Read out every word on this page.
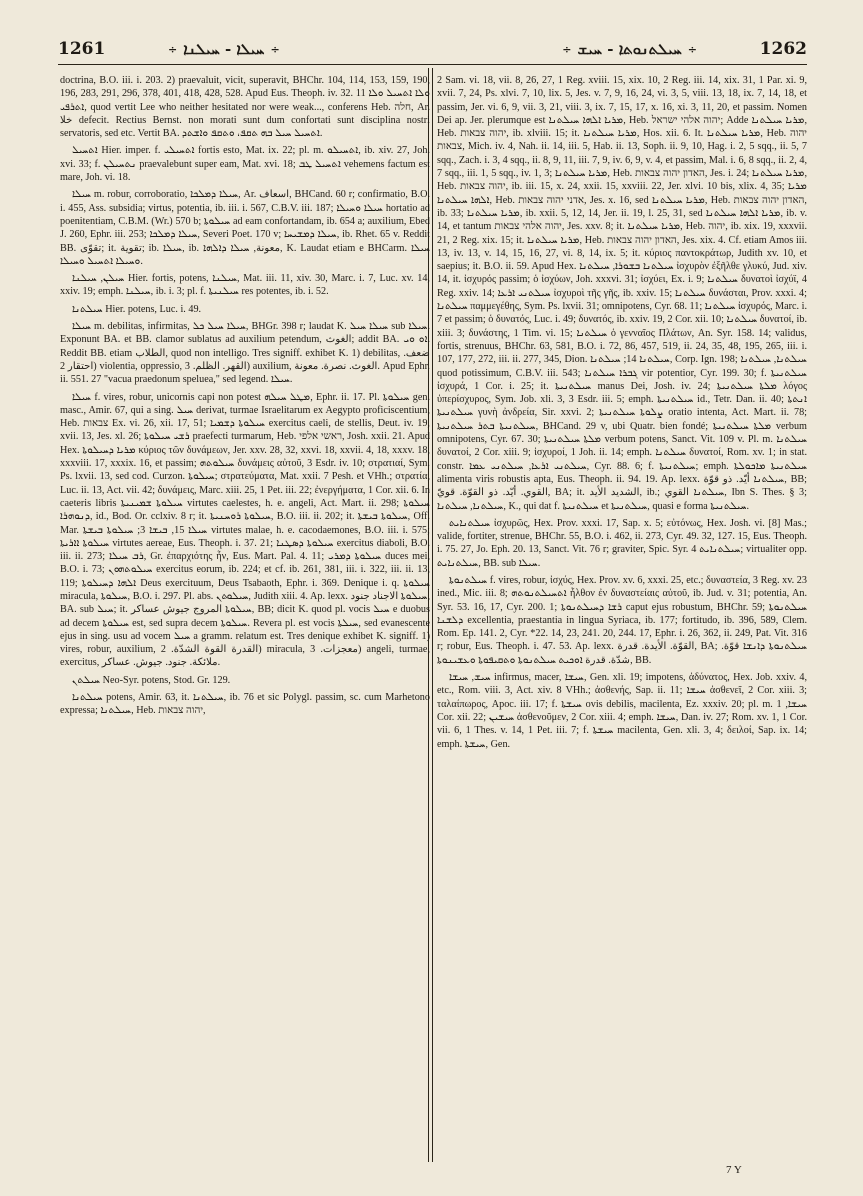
1261	÷ ܚܝܠܐ - ܚܝܠܢܐ ÷	÷ ܚܝܠܬܢܘܬܐ - ܚܝܫ ÷	1262

doctrina, B.O. iii. i. 203. 2) praevaluit, vicit, superavit, BHChr. 104, 114, 153, 159, 190, 196, 283, 291, 296, 378, 401, 418, 428, 528. Apud Eus. Theoph. iv. 32. 11 ܘܠܐ ܐܬܚܝܠ ܘܠܐ ܐܬܪܦܝ, quod vertit Lee who neither hesitated nor were weak..., conferens Heb. חלה, Ar. خلا defecit. Rectius Bernst. non morati sunt dum confortati sunt disciplina nostri servatoris, sed etc. Vertit BA. ܐܬܚܝܠ ܚܝܠ ܒܗ ܬܩܦ، ܘܬܩܦ ܘܐܫܬܕ.

ܐܬܚܝܠ Hier. imper. f. ܐܬܚܝܠܝ fortis esto, Mat. ix. 22; pl. m. ܐܬܚܝܠܘ, ib. xiv. 27, Joh. xvi. 33; f. ܢܬܚܝܠܢ praevalebunt super eam, Mat. xvi. 18; ܐܬܚܝܠ ܛܒ vehemens factum est mare, Joh. vi. 18.

ܚܝܠܐ m. robur, corroboratio, ܚܝܠܐ ܕܡܠܟܐ, Ar. اسعاف, BHCand. 60 r; confirmatio, B.O. i. 455, Ass. subsidia; virtus, potentia, ib. iii. i. 567, C.B.V. iii. 187; ܚܝܠܐ ܘܚܝܠܐ hortatio ad poenitentiam, C.B.M. (Wr.) 570 b; ܚܝܠܘܬܐ ad eam confortandam, ib. 654 a; auxilium, Ebed J. 260, Ephr. iii. 253; ܚܝܠܐ ܕܡܠܟܐ, Severi Poet. 170 v; ܚܝܠܐ ܕܡܫܝܚܐ, ib. Rhet. 65 v. Reddit BB. تقوّى; it. تقوية; ib. ܚܝܠܐ, ib. معونة, ܚܝܠܐ ܕܐܠܗܐ, K. Laudat etiam e BHCarm. ܚܝܠܐ ܘܚܝܠܐ ܐܬܚܝܠ ܘܚܝܠܐ.

ܚܝܠܢ, ܚܝܠܢܐ Hier. fortis, potens, ܚܝܠܢܐ, Mat. iii. 11, xiv. 30, Marc. i. 7, Luc. xv. 14, xxiv. 19; emph. ܚܝܠܢܐ, ib. i. 3; pl. f. ܚܝܠܢܝܬܐ res potentes, ib. i. 52.

ܚܝܠܬܢܐ Hier. potens, Luc. i. 49.

ܚܝܠܐ m. debilitas, infirmitas, ܚܝܠܐ ܚܝܠ ܟܠ, BHGr. 398 r; laudat K. ܚܝܠܐ ܚܝܠ sub ܚܝܠܐ. Exponunt BA. et BB. clamor sublatus ad auxilium petendum, الغوث; addit BA. ܐܘ ܘܝ. Reddit BB. etiam الطلاب, quod non intelligo. Tres signiff. exhibet K. 1) debilitas, ضعف. احتقار 2) violentia, oppressio, القهر. الظلم. 3) auxilium, الغوث. نصرة. معونة. Apud Ephr. ii. 551. 27 "vacua praedonum speluea," sed legend. ܚܝܠܐ.

ܚܝܠܐ f. vires, robur, unicornis capi non potest ܡܛܠ ܚܝܠܗ, Ephr. ii. 17. Pl. ܚܝܠܘܬܐ gen. masc., Amir. 67, qui a sing. ܚܝܠ derivat, turmae Israelitarum ex Aegypto proficiscentium, Heb. צבאות Ex. vi. 26, xii. 17, 51; ܚܝܠܘܬܐ ܕܫܡܝܐ exercitus caeli, de stellis, Deut. iv. 19, xvii. 13, Jes. xl. 26; ܪܫܝ ܚܝܠܘܬܐ praefecti turmarum, Heb. ראשי אלפי, Josh. xxii. 21. Apud Hex. ܡܪܝܐ ܕܚܝܠܘܬܐ κύριος τῶν δυνάμεων, Jer. xxv. 28, 32, xxvi. 18, xxvii. 4, 18, xxxv. 18, xxxviii. 17, xxxix. 16, et passim; ܚܝܠܘܬܗ δυνάμεις αὐτοῦ, 3 Esdr. iv. 10; στρατιαί, Sym. Ps. lxvii. 13, sed cod. Curzon. ܚܝܠܘܬܐ; στρατεύματα, Mat. xxii. 7 Pesh. et VHh.; στρατία, Luc. ii. 13, Act. vii. 42; δυνάμεις, Marc. xiii. 25, 1 Pet. iii. 22; ἐνεργήματα, 1 Cor. xii. 6. In caeteris libris ܚܝܠܘܬܐ ܫܡܝܢܝܬܐ virtutes caelestes, h. e. angeli, Act. Mart. ii. 298; ܚܝܠܘܬܐ ܕܢܘܗܪܐ, id., Bod. Or. cclxiv. 8 r; it. ܚܝܠܘܬܐ ܪܘܚܢܝܬܐ, B.O. iii. ii. 202; it. ܚܝܠܘܬܐ ܒܝܫܬܐ, Off. Mar. ܚܝܠܐ 15, ܒܝܫܐ 3; ܚܝܠܘܬܐ ܒܝܫܬܐ virtutes malae, h. e. cacodaemones, B.O. iii. i. 575; ܚܝܠܘܬܐ ܐܐܪܝܬܐ virtutes aereae, Eus. Theoph. i. 37. 21; ܚܝܠܘܬܐ ܕܣܛܢܐ exercitus diaboli, B.O. iii. ii. 273; ܪܒ ܚܝܠܐ, Gr. ἐπαρχιότης ἦν, Eus. Mart. Pal. 4. 11; ܚܝܠܘܬܐ ܕܡܪܝ duces mei, B.O. i. 73; ܚܝܠܘܬܗܘܢ exercitus eorum, ib. 224; et cf. ib. 261, 381, iii. i. 322, iii. ii. 13, 119; ܐܠܗܐ ܕܚܝܠܘܬܐ Deus exercituum, Deus Tsabaoth, Ephr. i. 369. Denique i. q. ܚܝܠܘܬܐ miracula, ܚܝܠܘܬܐ, B.O. i. 297. Pl. abs. ܚܝܠܘܬܢ, Judith xiii. 4. Ap. lexx. ܚܝܠܘܬܐ الاجناد جنود, BA. sub ܚܝܠ; it. ܚܝܠܘܬܐ المروج جيوش عساكر, BB; dicit K. quod pl. vocis ܚܝܠ e duobus ad decem ܚܝܠܘܬܐ est, sed supra decem ܚܝܠܘܬܐ. Revera pl. est vocis ܚܝܠܬܐ, sed evanescente ejus in sing. usu ad vocem ܚܝܠ a gramm. relatum est. Tres denique exhibet K. signiff. 1) vires, robur, auxilium, القدرة القوة الشدّة. 2) miracula, معجزات. 3) angeli, turmae, exercitus, ملائكة. جنود. جيوش. عساكر.

ܚܝܠܬܢ Neo-Syr. potens, Stod. Gr. 129.

ܚܝܠܬܢܐ potens, Amir. 63, it. ܚܝܠܬܢܐ, ib. 76 et sic Polygl. passim, sc. cum Marhetono expressa; ܚܝܠܬܢܐ, Heb. יהוה צבאות,

2 Sam. vi. 18, vii. 8, 26, 27, 1 Reg. xviii. 15, xix. 10, 2 Reg. iii. 14, xix. 31, 1 Par. xi. 9, xvii. 7, 24, Ps. xlvi. 7, 10, lix. 5, Jes. v. 7, 9, 16, 24, vi. 3, 5, viii. 13, 18, ix. 7, 14, 18, et passim, Jer. vi. 6, 9, vii. 3, 21, viii. 3, ix. 7, 15, 17, x. 16, xi. 3, 11, 20, et passim. Nomen Dei ap. Jer. plerumque est ܡܪܝܐ ܐܠܗܐ ܚܝܠܬܢܐ, Heb. יהוה אלהי ישראל; Adde ܡܪܝܐ ܚܝܠܬܢܐ, Heb. יהוה צבאות, ib. xlviii. 15; it. ܡܪܝܐ ܚܝܠܬܢܐ, Hos. xii. 6. It. ܡܪܝܐ ܚܝܠܬܢܐ, Heb. יהוה צבאות, Mich. iv. 4, Nah. ii. 14, iii. 5, Hab. ii. 13, Soph. ii. 9, 10, Hag. i. 2, 5 sqq., ii. 5, 7 sqq., Zach. i. 3, 4 sqq., ii. 8, 9, 11, iii. 7, 9, iv. 6, 9, v. 4, et passim, Mal. i. 6, 8 sqq., ii. 2, 4, 7 sqq., iii. 1, 5 sqq., iv. 1, 3; ܡܪܝܐ ܚܝܠܬܢܐ, Heb. האדון יהוה צבאות, Jes. i. 24; ܡܪܝܐ ܚܝܠܬܢܐ, Heb. יהוה צבאות, ib. iii. 15, x. 24, xxii. 15, xxviii. 22, Jer. xlvi. 10 bis, xlix. 4, 35; ܡܪܝܐ ܐܠܗܐ ܚܝܠܬܢܐ, Heb. אדני יהוה צבאות, Jes. x. 16, sed ܡܪܝܐ ܚܝܠܬܢܐ, Heb. האדון יהוה צבאות, ib. 33; ܡܪܝܐ ܚܝܠܬܢܐ, ib. xxii. 5, 12, 14, Jer. ii. 19, l. 25, 31, sed ܡܪܝܐ ܐܠܗܐ ܚܝܠܬܢܐ, ib. v. 14, et tantum יהוה אלהי צבאות, Jes. xxv. 8; it. ܡܪܝܐ ܚܝܠܬܢܐ, Heb. יהוה, ib. xix. 19, xxxvii. 21, 2 Reg. xix. 15; it. ܡܪܝܐ ܚܝܠܬܢܐ, Heb. האדון יהוה צבאות, Jes. xix. 4. Cf. etiam Amos iii. 13, iv. 13, v. 14, 15, 16, 27, vi. 8, 14, ix. 5; it. κύριος παντοκράτωρ, Judith xv. 10, et saepius; it. B.O. ii. 59. Apud Hex. ܚܝܠܬܢܐ ܒܫܘܪܐ, ܚܝܠܬܢܐ ἰσχυρὸν ἐξῆλθε γλυκύ, Jud. xiv. 14, it. ἰσχυρός passim; ὁ ἰσχύων, Joh. xxxvi. 31; ἰσχύει, Ex. i. 9; ܚܝܠܬܢܐ δυνατοὶ ἰσχύϊ, 4 Reg. xxiv. 14; ܚܝܠܬܢܝ ܐܪܥܐ ἰσχυροὶ τῆς γῆς, ib. xxiv. 15; ܚܝܠܬܢܐ δυνάσται, Prov. xxxi. 4; ܚܝܠܬܢܐ παμμεγέθης, Sym. Ps. lxvii. 31; omnipotens, Cyr. 68. 11; ܚܝܠܬܢܐ ἰσχυρός, Marc. i. 7 et passim; ὁ δυνατός, Luc. i. 49; δυνατός, ib. xxiv. 19, 2 Cor. xii. 10; ܚܝܠܬܢܐ δυνατοί, ib. xiii. 3; δυνάστης, 1 Tim. vi. 15; ܚܝܠܬܢܐ ὁ γενναῖος Πλάτων, An. Syr. 158. 14; validus, fortis, strenuus, BHChr. 63, 581, B.O. i. 72, 86, 457, 519, ii. 24, 35, 48, 195, 265, iii. i. 107, 177, 272, iii. ii. 277, 345, Dion. ܚܝܠܬܢܐ 14; ܚܝܠܬܢܐ, Corp. Ign. 198; ܚܝܠܬܢܐ, ܚܝܠܬܢܐ quod potissimum, C.B.V. iii. 543; ܓܒܪܐ ܚܝܠܬܢܐ vir potentior, Cyr. 199. 30; f. ܚܝܠܬܢܝܬܐ ἰσχυρά, 1 Cor. i. 25; it. ܚܝܠܬܢܝܬܐ manus Dei, Josh. iv. 24; ܡܠܬܐ ܚܝܠܬܢܝܬܐ λόγος ὑπερίσχυρος, Sym. Job. xli. 3, 3 Esdr. iii. 5; emph. ܚܝܠܬܢܝܬܐ id., Tetr. Dan. ii. 40; ܐܢܬܬܐ ܚܝܠܬܢܝܬܐ γυνὴ ἀνδρεία, Sir. xxvi. 2; ܨܠܘܬܐ ܚܝܠܬܢܝܬܐ oratio intenta, Act. Mart. ii. 78; ܚܝܠܬܢܝܬܐ ܒܬܪ ܚܝܠܬܢܝܬܐ, BHCand. 29 v, ubi Quatr. bien fondé; ܡܠܬܐ ܚܝܠܬܢܝܬܐ verbum omnipotens, Cyr. 67. 30; ܡܠܬܐ ܚܝܠܬܢܝܬܐ verbum potens, Sanct. Vit. 109 v. Pl. m. ܚܝܠܬܢܐ δυνατοί, 2 Cor. xiii. 9; ἰσχυροί, 1 Joh. ii. 14; emph. ܚܝܠܬܢܐ δυνατοί, Rom. xv. 1; in stat. constr. ܚܝܠܬܢܝ ܐܪܥܐ, ܚܝܠܬܢܝ ܥܡܐ, Cyr. 88. 6; f. ܚܝܠܬܢܝܬܐ; emph. ܚܝܠܬܢܝܬܐ ܡܐܟܘܠܬܐ alimenta viris robustis apta, Eus. Theoph. ii. 94. 19. Ap. lexx. ܚܝܠܬܢܐ أيّد. ذو قوّة, BB; القوي. أيّد. ذو القوّة. قويّ, BA; it. الشديد الأيد, ib.; ܚܝܠܬܢܐ القوي, Ibn S. Thes. § 3; ܚܝܠܬܢܐ, ܚܝܠܬܢܐ, K., qui dat f. ܚܝܠܬܢܝܬܐ et ܚܝܠܬܢܝܬܐ, quasi e forma ܚܝܠܬܢܝܬܐ.

ܚܝܠܬܢܐܝܬ ἰσχυρῶς, Hex. Prov. xxxi. 17, Sap. x. 5; εὐτόνως, Hex. Josh. vi. [8] Mas.; valide, fortiter, strenue, BHChr. 55, B.O. i. 462, ii. 273, Cyr. 49. 32, 127. 15, Eus. Theoph. i. 75. 27, Jo. Eph. 20. 13, Sanct. Vit. 76 r; graviter, Spic. Syr. ܚܝܠܬܢܐܝܬ 4; virtualiter opp. ܚܝܠܬܢܐܝܬ, BB. sub ܚܝܠܐ.

ܚܝܠܬܢܘܬܐ f. vires, robur, ἰσχύς, Hex. Prov. xv. 6, xxxi. 25, etc.; δυναστεία, 3 Reg. xv. 23 ined., Mic. iii. 8; ܐܬܚܝܠܬܢܘܬܗ ἦλθον ἐν δυναστείαις αὐτοῦ, ib. Jud. v. 31; potentia, An. Syr. 53. 16, 17, Cyr. 200. 1; ܪܫܐ ܕܚܝܠܬܢܘܬܐ caput ejus robustum, BHChr. 59; ܚܝܠܬܢܘܬܐ ܕܠܫܢܐ excellentia, praestantia in lingua Syriaca, ib. 177; fortitudo, ib. 396, 589, Clem. Rom. Ep. 141. 2, Cyr. *22. 14, 23, 241. 20, 244. 17, Ephr. i. 26, 362, ii. 249, Pat. Vit. 316 r; robur, Eus. Theoph. i. 47. 53. Ap. lexx. القوّة. الأيدة. قدرة, BA; ܚܝܠܬܢܘܬܐ ܕܐܢܫܐ قوّة. شدّة. قدرة ܐܘܟܝܬ ܚܝܠܬܢܘܬܐ ܘܬܩܝܦܘܬܐ ܘܥܫܝܢܘܬܐ, BB.

ܚܝܫ, ܚܝܫܐ infirmus, macer, ܚܝܫܐ, Gen. xli. 19; impotens, ἀδύνατος, Hex. Job. xxiv. 4, etc., Rom. viii. 3, Act. xiv. 8 VHh.; ἀσθενής, Sap. ii. 11; ܚܝܫܐ ἀσθενεῖ, 2 Cor. xiii. 3; ταλαίπωρος, Apoc. iii. 17; f. ܚܝܫܬܐ ovis debilis, macilenta, Ez. xxxiv. 20; pl. m. ܚܝܫܐ, 1 Cor. xii. 22; ܚܝܫܝܢ ἀσθενοῦμεν, 2 Cor. xiii. 4; emph. ܚܝܫܐ, Dan. iv. 27; Rom. xv. 1, 1 Cor. vii. 6, 1 Thes. v. 14, 1 Pet. iii. 7; f. ܚܝܫܬܐ macilenta, Gen. xli. 3, 4; δειλοί, Sap. ix. 14; emph. ܚܝܫܬܐ, Gen.

7 Y
